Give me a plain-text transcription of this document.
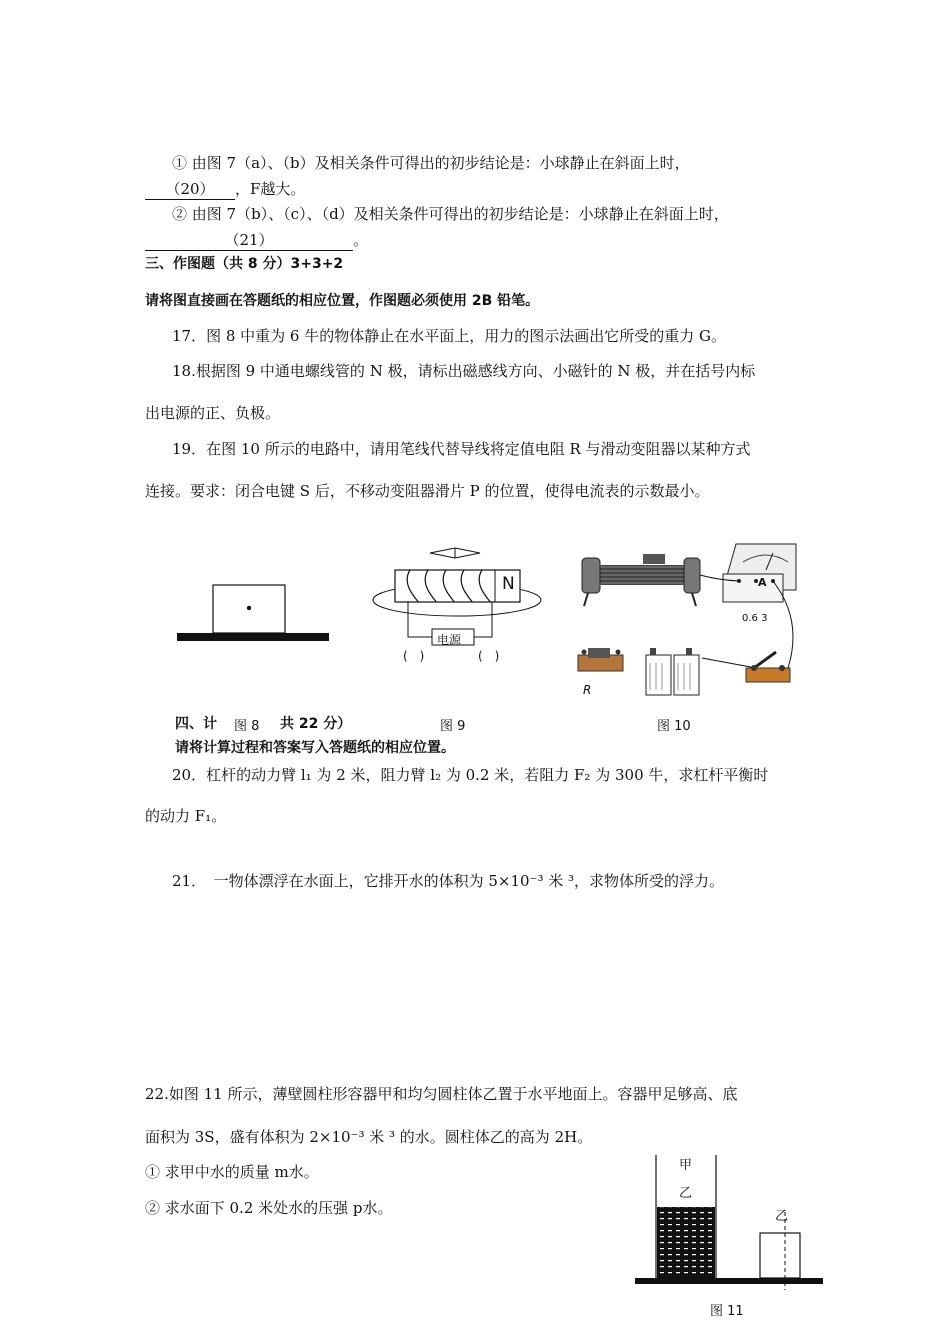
① 由图 7（a）、（b）及相关条件可得出的初步结论是：小球静止在斜面上时，
（20） ，F越大。
② 由图 7（b）、（c）、（d）及相关条件可得出的初步结论是：小球静止在斜面上时，
（21）	。
三、作图题（共 8 分）3+3+2
请将图直接画在答题纸的相应位置，作图题必须使用 2B 铅笔。
17．图 8 中重为 6 牛的物体静止在水平面上，用力的图示法画出它所受的重力 G。
18.根据图 9 中通电螺线管的 N 极，请标出磁感线方向、小磁针的 N 极，并在括号内标
出电源的正、负极。
19．在图 10 所示的电路中，请用笔线代替导线将定值电阻 R 与滑动变阻器以某种方式
连接。要求：闭合电键 S 后，不移动变阻器滑片 P 的位置，使得电流表的示数最小。
N
电源
(　)	(　)
A
0.6 3
R
四、计 图 8 共 22 分）	图 9	图 10
请将计算过程和答案写入答题纸的相应位置。
20．杠杆的动力臂 l₁ 为 2 米，阻力臂 l₂ 为 0.2 米，若阻力 F₂ 为 300 牛，求杠杆平衡时
的动力 F₁。
21．　一物体漂浮在水面上，它排开水的体积为 5×10⁻³ 米 ³，求物体所受的浮力。
22.如图 11 所示，薄壁圆柱形容器甲和均匀圆柱体乙置于水平地面上。容器甲足够高、底
面积为 3S，盛有体积为 2×10⁻³ 米 ³ 的水。圆柱体乙的高为 2H。
① 求甲中水的质量 m水。
② 求水面下 0.2 米处水的压强 p水。
甲
乙
乙
图 11
